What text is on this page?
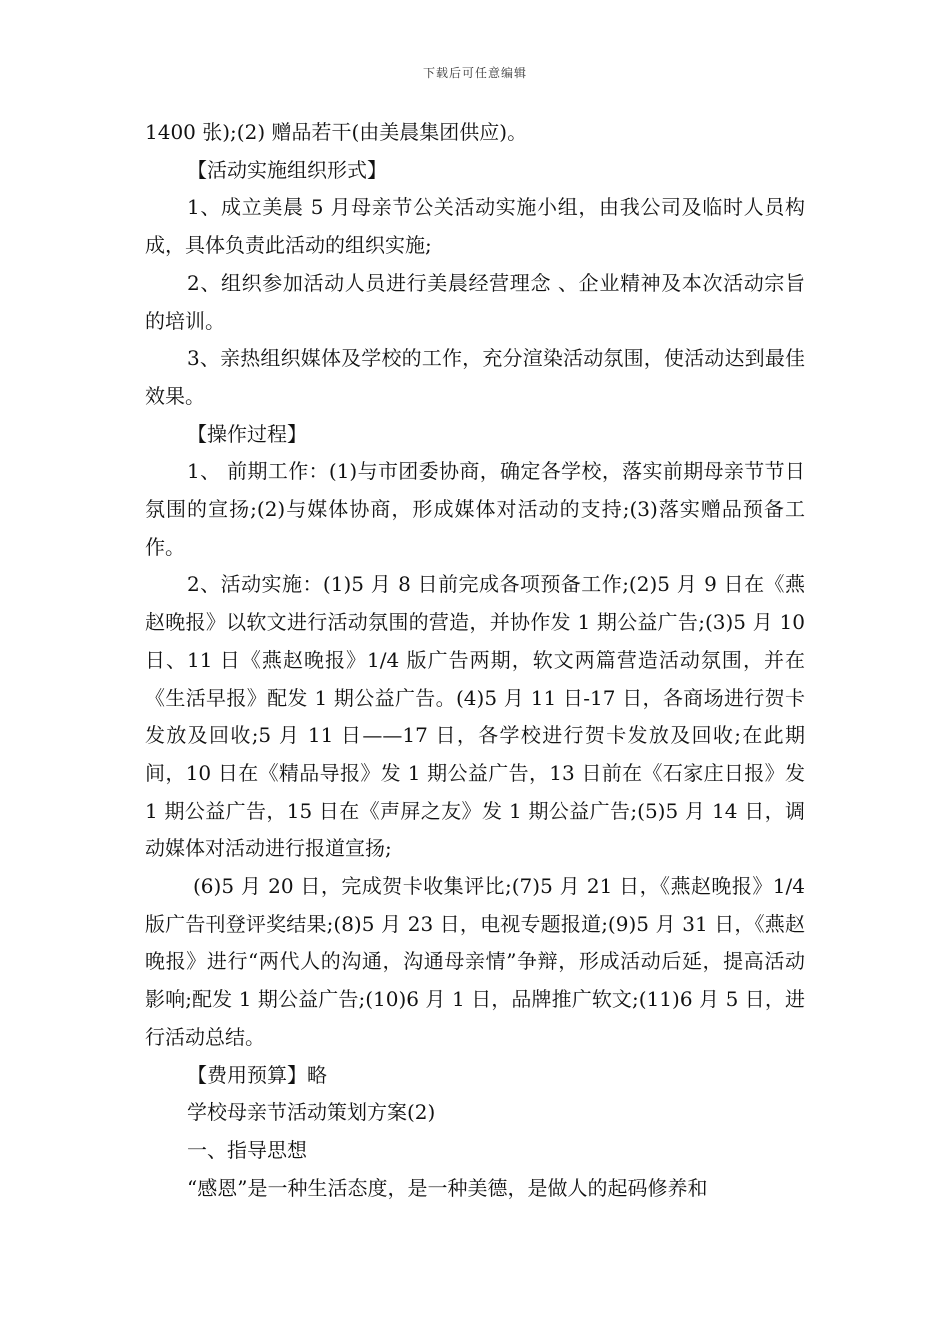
下载后可任意编辑

1400 张);(2) 赠品若干(由美晨集团供应)。

【活动实施组织形式】

1、成立美晨 5 月母亲节公关活动实施小组，由我公司及临时人员构成，具体负责此活动的组织实施;

2、组织参加活动人员进行美晨经营理念 、企业精神及本次活动宗旨的培训。

3、亲热组织媒体及学校的工作，充分渲染活动氛围，使活动达到最佳效果。

【操作过程】

1、 前期工作：(1)与市团委协商，确定各学校，落实前期母亲节节日氛围的宣扬;(2)与媒体协商，形成媒体对活动的支持;(3)落实赠品预备工作。

2、活动实施：(1)5 月 8 日前完成各项预备工作;(2)5 月 9 日在《燕赵晚报》以软文进行活动氛围的营造，并协作发 1 期公益广告;(3)5 月 10 日、11 日《燕赵晚报》1/4 版广告两期，软文两篇营造活动氛围，并在《生活早报》配发 1 期公益广告。(4)5 月 11 日-17 日，各商场进行贺卡发放及回收;5 月 11 日——17 日，各学校进行贺卡发放及回收;在此期间，10 日在《精品导报》发 1 期公益广告，13 日前在《石家庄日报》发 1 期公益广告，15 日在《声屏之友》发 1 期公益广告;(5)5 月 14 日，调动媒体对活动进行报道宣扬;

(6)5 月 20 日，完成贺卡收集评比;(7)5 月 21 日，《燕赵晚报》1/4 版广告刊登评奖结果;(8)5 月 23 日，电视专题报道;(9)5 月 31 日，《燕赵晚报》进行“两代人的沟通，沟通母亲情”争辩，形成活动后延，提高活动影响;配发 1 期公益广告;(10)6 月 1 日，品牌推广软文;(11)6 月 5 日，进行活动总结。

【费用预算】略

学校母亲节活动策划方案(2)

一、指导思想

“感恩”是一种生活态度，是一种美德，是做人的起码修养和
